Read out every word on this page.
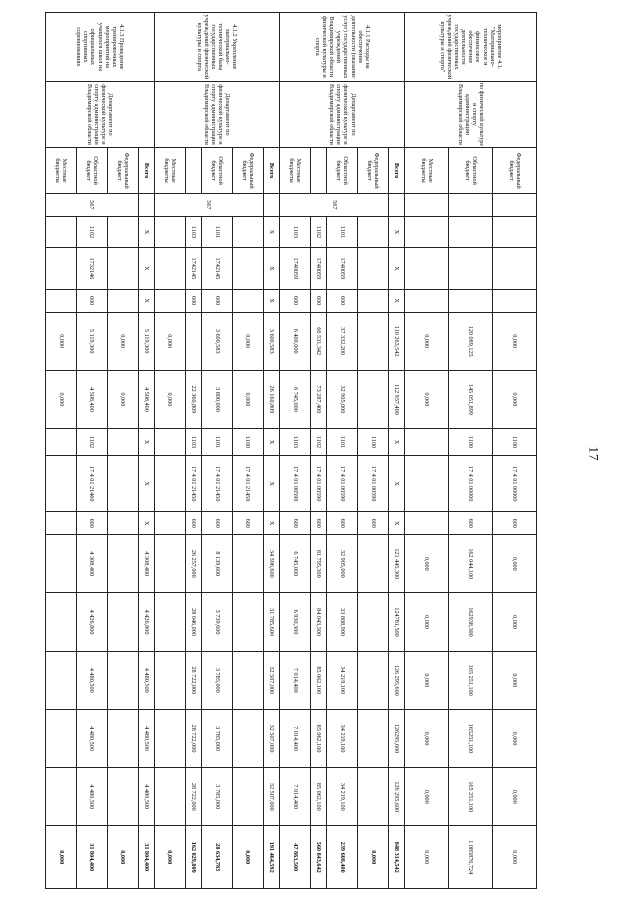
17
мероприятие 4.1. "Материально-техническое и финансовое обеспечение деятельности государственных учреждений физической культуры и спорта"	по физической культуре и спорту администрации Владимирской области	Федеральный бюджет					0,000	0,000	1100	17 4 01 00000	600	0,000	0,000	0,000	0,000	0,000	0,000
		Областной бюджет					120 089,125	145 051,899	1100	17 4 01 00000	600	162 044,100	162938,300	165 251,100	165251,100	165 251,100	1 085876,724
		Местные бюджеты					0,000	0,000				0,000	0,000	0,000	0,000	0,000	0,000
4.1.1 Расходы на обеспечение деятельности (оказание услуг) государственных учреждений Владимирской области физической культуры и спорта	Департамент по физической культуре и спорту администрации Владимирской области	Всего		X	X	X	110 263,542	112 937,400	X	X	X	121 445,300	124781,500	126 295,600	126295,600	126 295,600	848 314,542
		Федеральный бюджет	567						1100	17 4 01 00590	600						0,000
		Областной бюджет		1101	1740059	600	37 332,200	32 905,000	1101	17 4 01 00590	600	32 905,000	33 808,900	34 219,100	34 219,100	34 219,100	239 608,400
				1102	1740059	600	66 531,342	73 287,400	1102	17 4 01 00590	600	81 795,300	84 043,300	85 062,100	85 062,100	85 062,100	560 843,642
		Местные бюджеты		1103	1740059	600	6 400,000	6 745,000	1103	17 4 01 00590	600	6 745,000	6 930,300	7 014,400	7 014,400	7 014,400	47 863,500
4.1.2 Укрепление материально-технической базы государственных учреждений физической культуры и спорта	Департамент по физической культуре и спорту администрации Владимирской области	Всего		X	X	X	3 600,583	26 160,809	X	X	X	34 396,600	31 785,600	32 507,000	32 507,000	32 507,000	191 464,592
		Федеральный бюджет	567				0,000	0,000	1100	17 4 01 21450	600						0,000
		Областной бюджет		1101	1742145	600	3 600,583	3 800,000	1101	17 4 01 21450	600	8 139,600	3 739,600	3 785,000	3 785,000	3 785,000	28 634,783
				1103	1742145	600		22 360,809	1103	17 4 01 21450	600	26 257,000	28 046,000	28 722,000	28 722,000	28 722,000	162 829,809
		Местные бюджеты					0,000	0,000									0,000
4.1.3 Проведение тренировочных мероприятий на учащихся школ на официальных спортивных соревнованиях	Департамент по физической культуре и спорту администрации Владимирской области	Всего		X	X	X	5 119,300	4 508,400	X	X	X	4 308,400	4 426,800	4 480,500	4 480,500	4 480,500	31 804,400
		Федеральный бюджет	567				0,000	0,000									0,000
		Областной бюджет		1102	1732146	600	5 119,300	4 508,400	1102	17 4 01 21460	600	4 308,400	4 426,800	4 480,500	4 480,500	4 480,500	31 804,400
		Местные бюджеты					0,000	0,000									0,000
